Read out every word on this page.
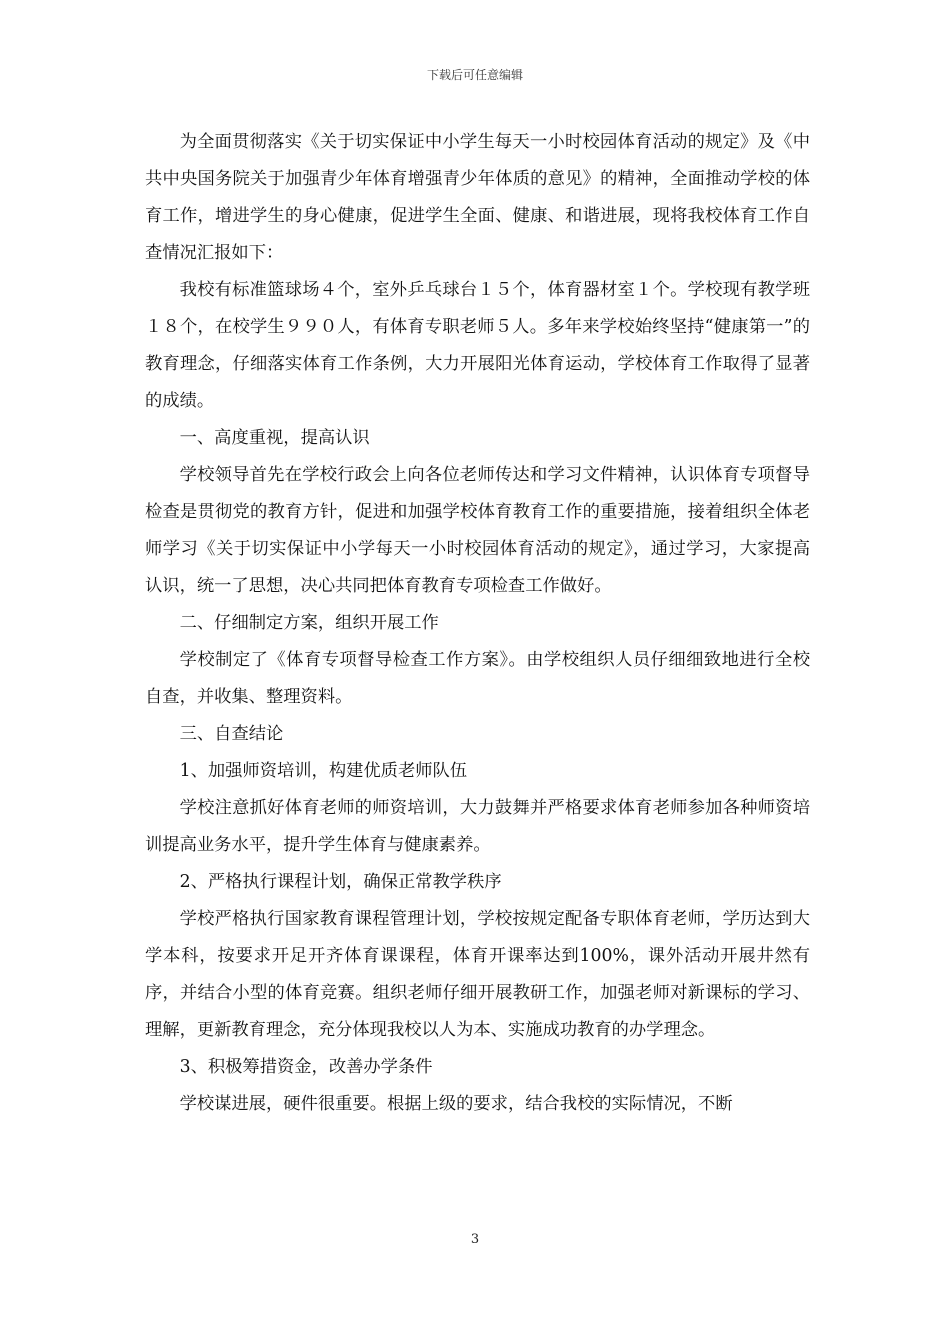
下载后可任意编辑

为全面贯彻落实《关于切实保证中小学生每天一小时校园体育活动的规定》及《中共中央国务院关于加强青少年体育增强青少年体质的意见》的精神，全面推动学校的体育工作，增进学生的身心健康，促进学生全面、健康、和谐进展，现将我校体育工作自查情况汇报如下：

我校有标准篮球场４个，室外乒乓球台１５个，体育器材室１个。学校现有教学班１８个，在校学生９９０人，有体育专职老师５人。多年来学校始终坚持“健康第一”的教育理念，仔细落实体育工作条例，大力开展阳光体育运动，学校体育工作取得了显著的成绩。

一、高度重视，提高认识

学校领导首先在学校行政会上向各位老师传达和学习文件精神，认识体育专项督导检查是贯彻党的教育方针，促进和加强学校体育教育工作的重要措施，接着组织全体老师学习《关于切实保证中小学每天一小时校园体育活动的规定》，通过学习，大家提高认识，统一了思想，决心共同把体育教育专项检查工作做好。

二、仔细制定方案，组织开展工作

学校制定了《体育专项督导检查工作方案》。由学校组织人员仔细细致地进行全校自查，并收集、整理资料。

三、自查结论

1、加强师资培训，构建优质老师队伍

学校注意抓好体育老师的师资培训，大力鼓舞并严格要求体育老师参加各种师资培训提高业务水平，提升学生体育与健康素养。

2、严格执行课程计划，确保正常教学秩序

学校严格执行国家教育课程管理计划，学校按规定配备专职体育老师，学历达到大学本科，按要求开足开齐体育课课程，体育开课率达到100%，课外活动开展井然有序，并结合小型的体育竞赛。组织老师仔细开展教研工作，加强老师对新课标的学习、理解，更新教育理念，充分体现我校以人为本、实施成功教育的办学理念。

3、积极筹措资金，改善办学条件

学校谋进展，硬件很重要。根据上级的要求，结合我校的实际情况，不断

3
